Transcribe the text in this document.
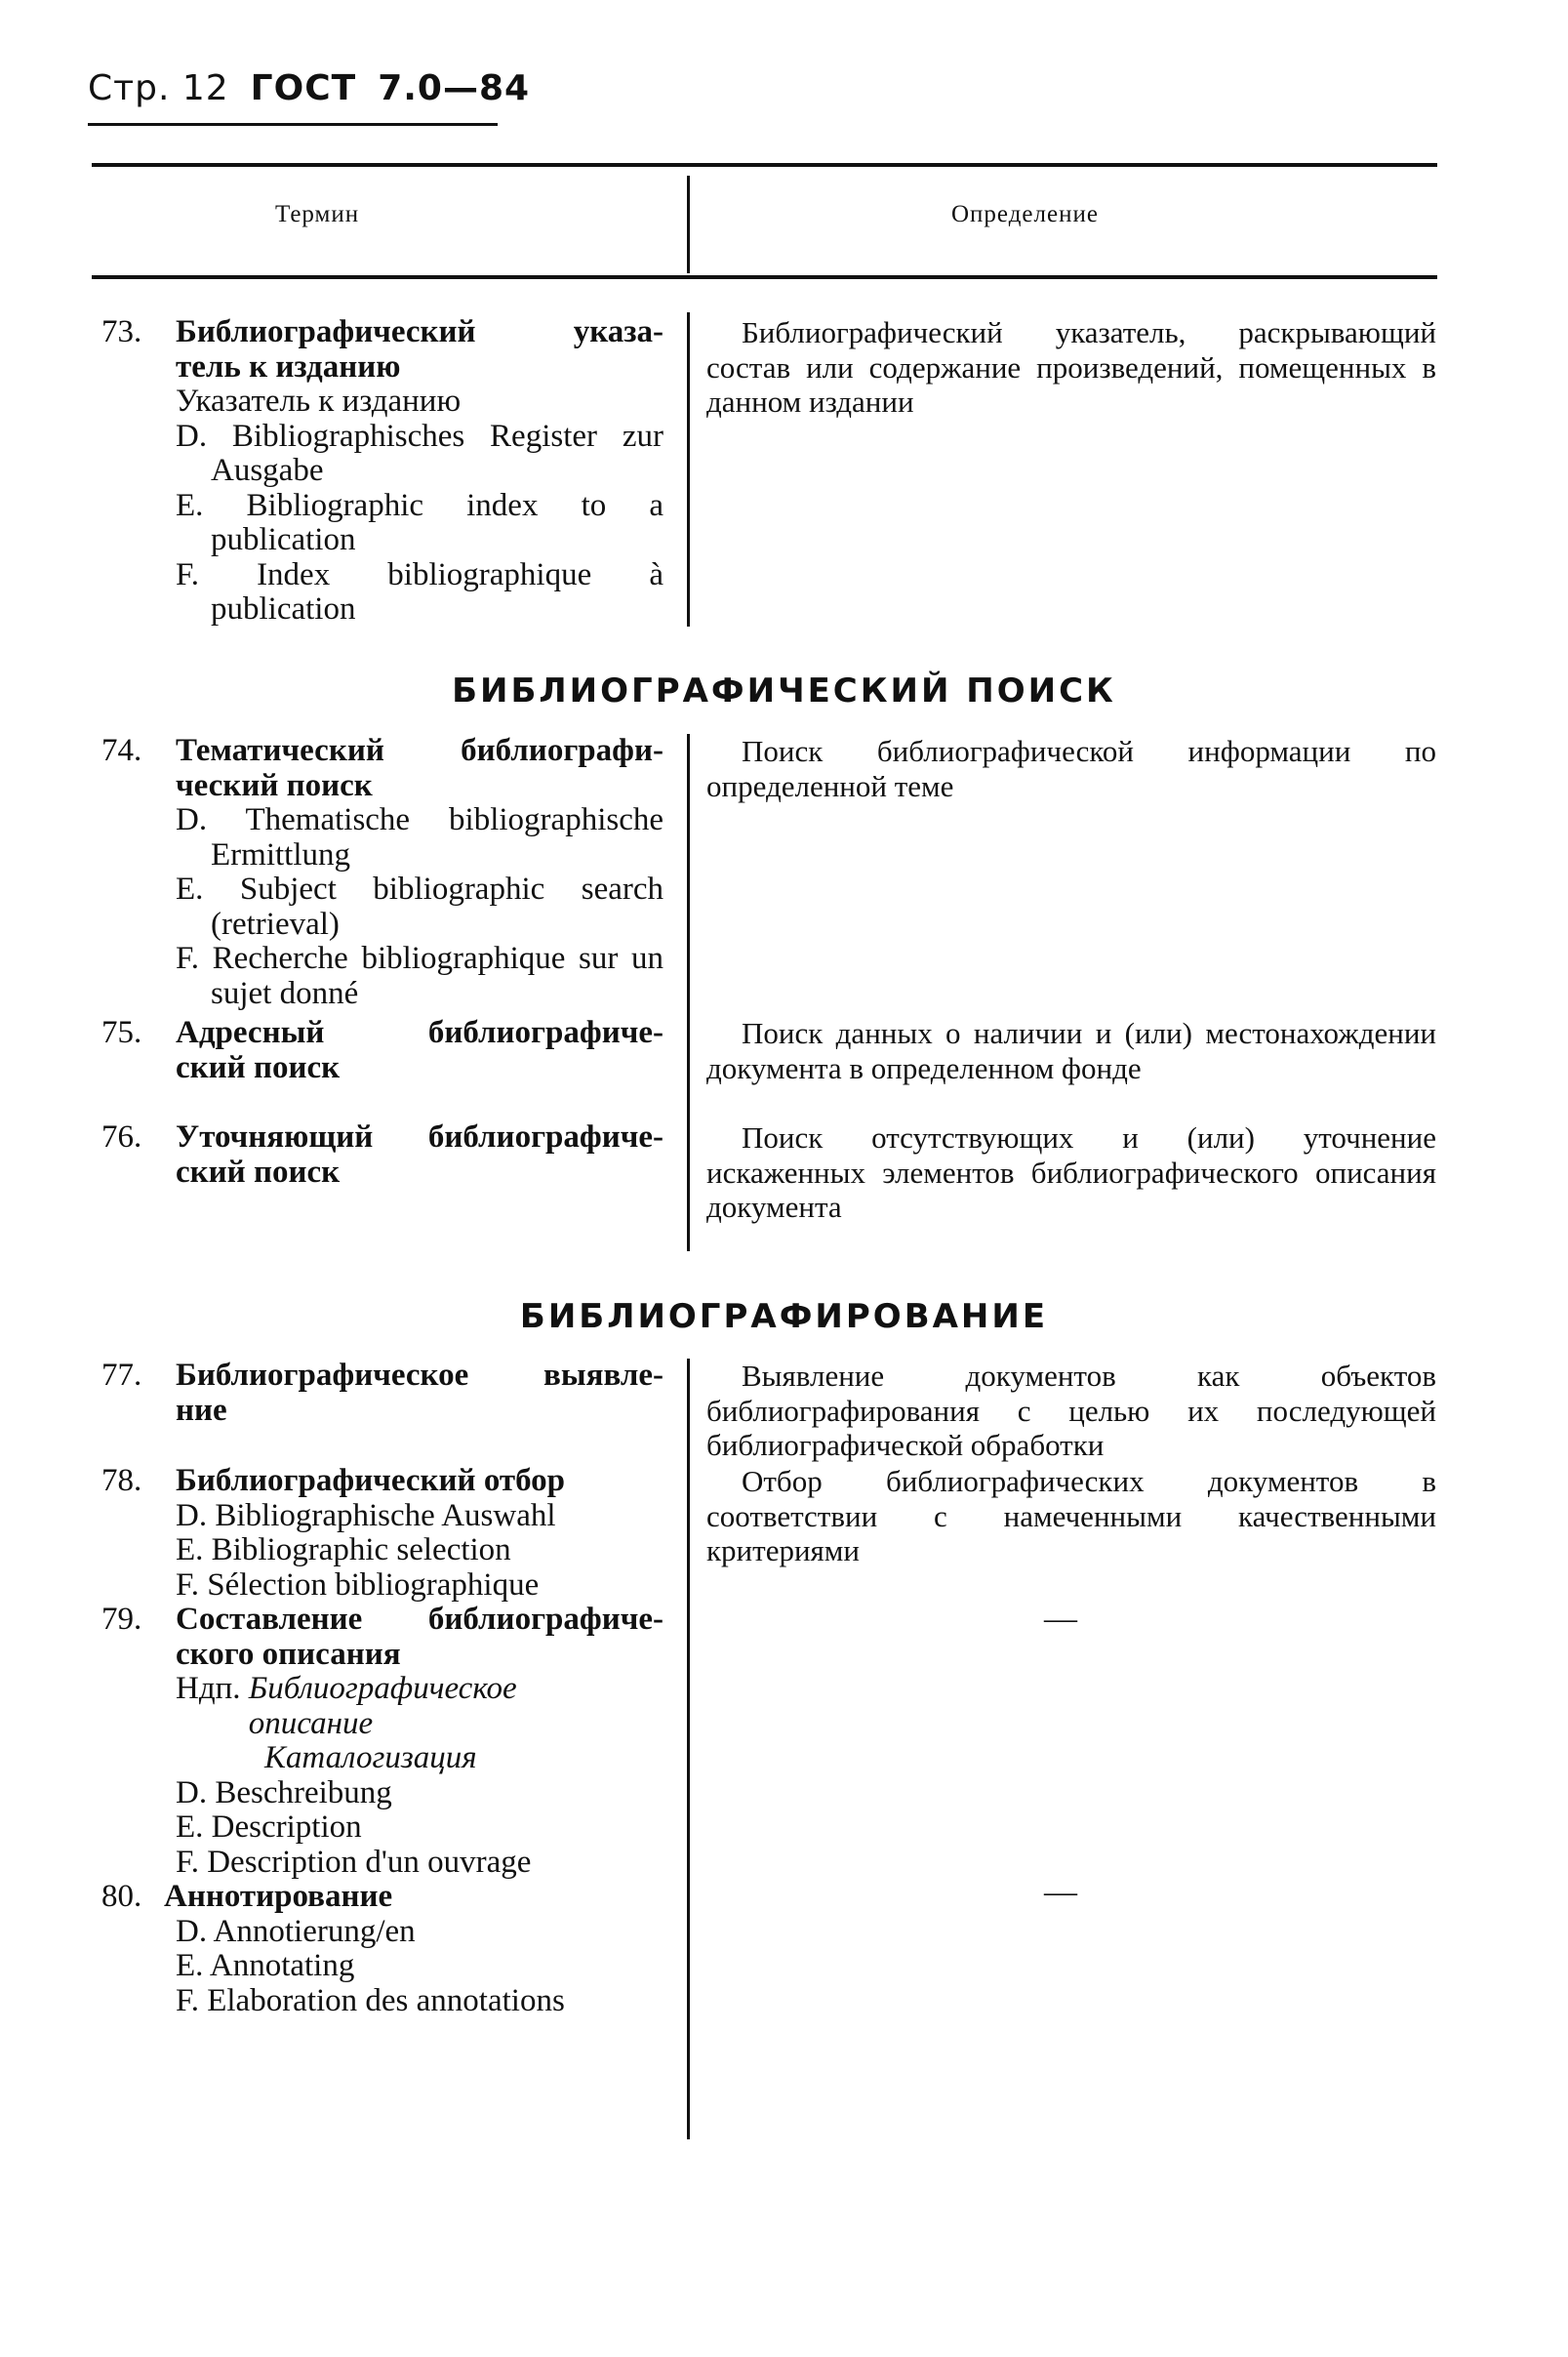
Стр. 12 ГОСТ 7.0—84
Термин	Определение
73. Библиографический указа-
тель к изданию
Указатель к изданию
D. Bibliographisches Register zur Ausgabe
E. Bibliographic index to a publication
F. Index bibliographique à publication

Библиографический указатель, раскрывающий состав или содержание произведений, помещенных в данном издании

БИБЛИОГРАФИЧЕСКИЙ ПОИСК
74. Тематический библиографи-
ческий поиск
D. Thematische bibliographische Ermittlung
E. Subject bibliographic search (retrieval)
F. Recherche bibliographique sur un sujet donné

Поиск библиографической информации по определенной теме

75. Адресный библиографиче-
ский поиск

Поиск данных о наличии и (или) местонахождении документа в определенном фонде

76. Уточняющий библиографиче-
ский поиск

Поиск отсутствующих и (или) уточнение искаженных элементов библиографического описания документа

БИБЛИОГРАФИРОВАНИЕ
77. Библиографическое выявле-
ние

Выявление документов как объектов библиографирования с целью их последующей библиографической обработки

78. Библиографический отбор
D. Bibliographische Auswahl
E. Bibliographic selection
F. Sélection bibliographique

Отбор библиографических документов в соответствии с намеченными качественными критериями

79. Составление библиографиче-
ского описания
Ндп. Библиографическое описание
Каталогизация
D. Beschreibung
E. Description
F. Description d'un ouvrage
—
80. Аннотирование
D. Annotierung/en
E. Annotating
F. Elaboration des annotations
—
